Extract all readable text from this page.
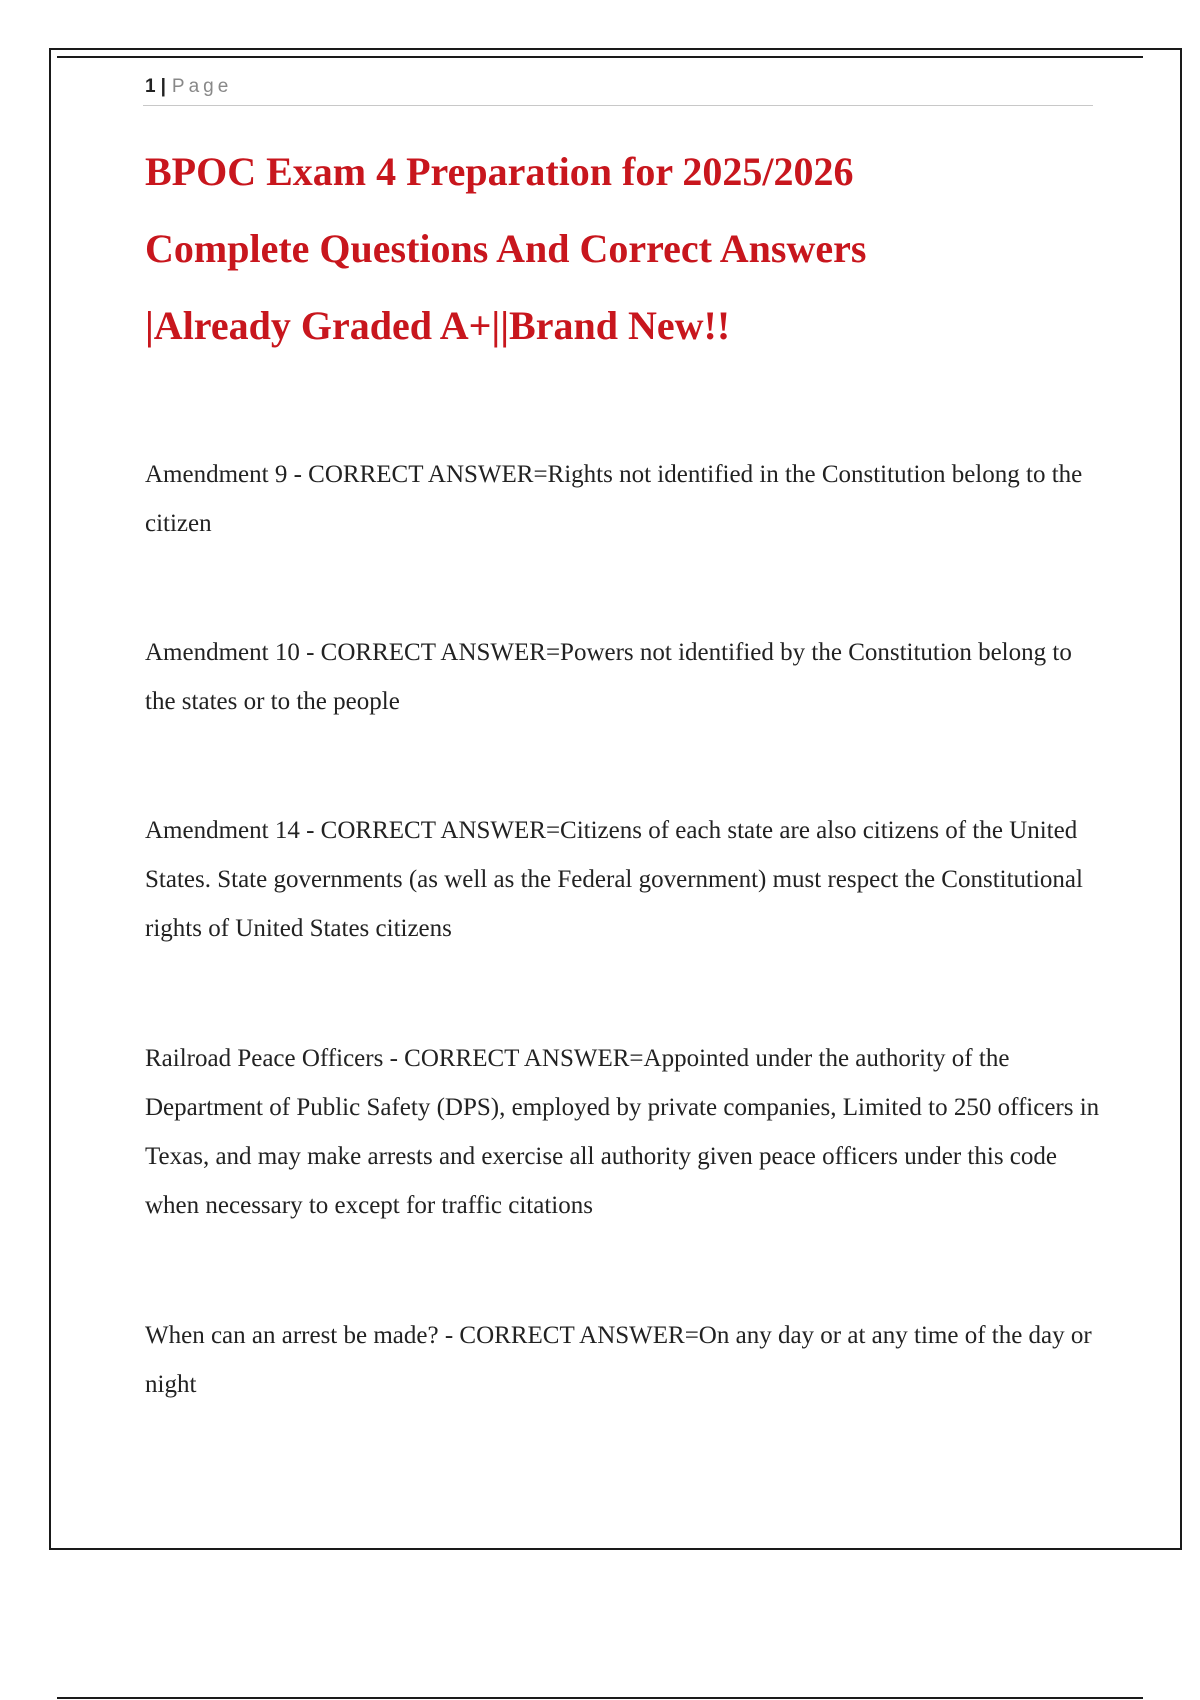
1 | Page
BPOC Exam 4 Preparation for 2025/2026
Complete Questions And Correct Answers
|Already Graded A+||Brand New!!

Amendment 9 - CORRECT ANSWER=Rights not identified in the Constitution belong to the citizen

Amendment 10 - CORRECT ANSWER=Powers not identified by the Constitution belong to the states or to the people

Amendment 14 - CORRECT ANSWER=Citizens of each state are also citizens of the United States. State governments (as well as the Federal government) must respect the Constitutional rights of United States citizens

Railroad Peace Officers - CORRECT ANSWER=Appointed under the authority of the Department of Public Safety (DPS), employed by private companies, Limited to 250 officers in Texas, and may make arrests and exercise all authority given peace officers under this code when necessary to except for traffic citations

When can an arrest be made? - CORRECT ANSWER=On any day or at any time of the day or night
